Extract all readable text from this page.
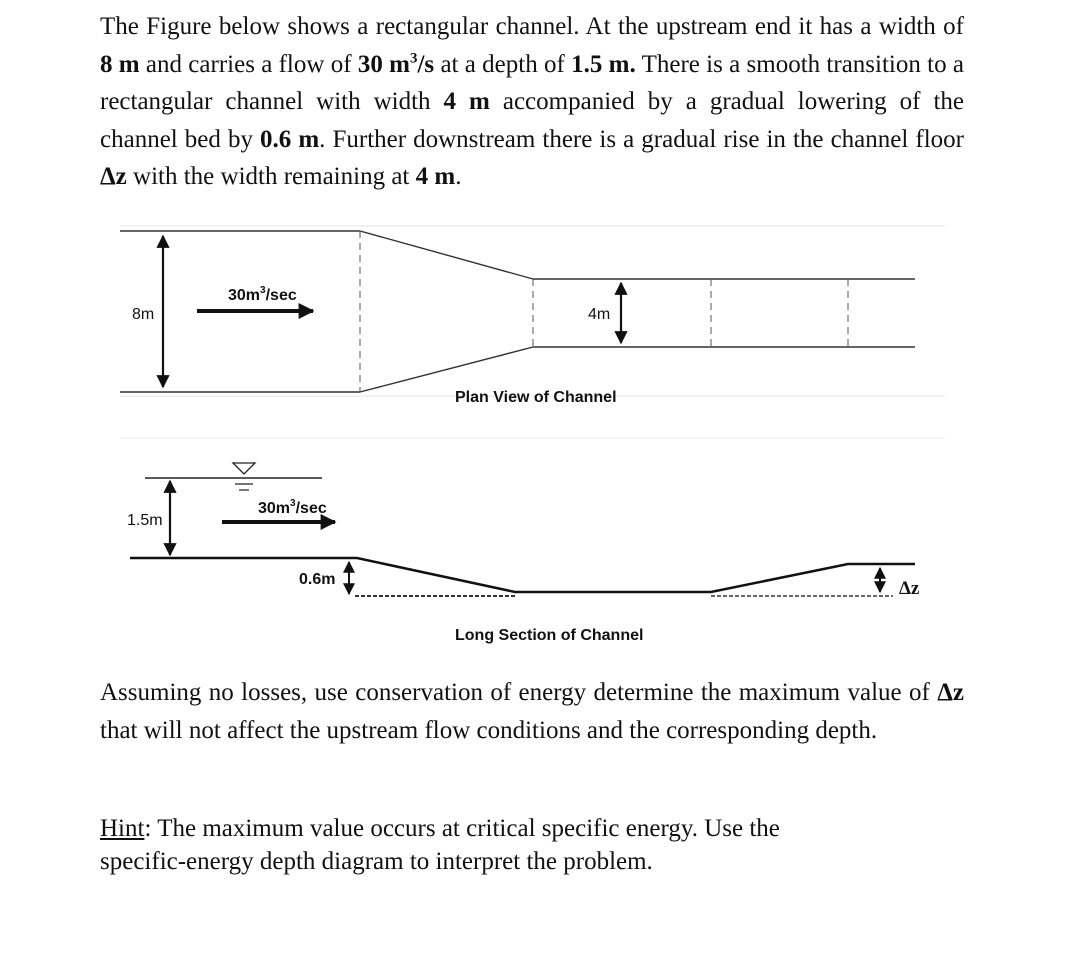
The Figure below shows a rectangular channel. At the upstream end it has a width of 8 m and carries a flow of 30 $m^3/s$ at a depth of 1.5 m. There is a smooth transition to a rectangular channel with width 4 m accompanied by a gradual lowering of the channel bed by 0.6 m. Further downstream there is a gradual rise in the channel floor Δz with the width remaining at 4 m.
8m
$30m^3/\sec$
4m
Plan View of Channel
1.5m
$30m^3/\sec$
0.6m	Δz
Long Section of Channel
Assuming no losses, use conservation of energy determine the maximum value of Δz that will not affect the upstream flow conditions and the corresponding depth.
Hint: The maximum value occurs at critical specific energy. Use the
specific-energy depth diagram to interpret the problem.
